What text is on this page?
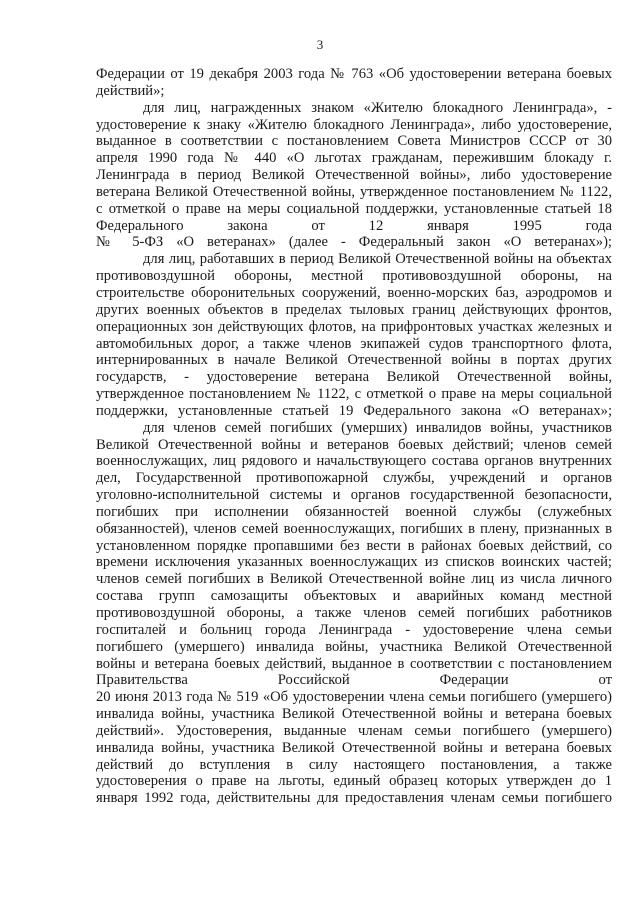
3
Федерации от 19 декабря 2003 года № 763 «Об удостоверении ветерана боевых
действий»;
для лиц, награжденных знаком «Жителю блокадного Ленинграда», -
удостоверение к знаку «Жителю блокадного Ленинграда», либо удостоверение,
выданное в соответствии с постановлением Совета Министров СССР от 30
апреля 1990 года № 440 «О льготах гражданам, пережившим блокаду г.
Ленинграда в период Великой Отечественной войны», либо удостоверение
ветерана Великой Отечественной войны, утвержденное постановлением № 1122,
с отметкой о праве на меры социальной поддержки, установленные статьей 18
Федерального закона от 12 января 1995 года
№ 5-ФЗ «О ветеранах» (далее - Федеральный закон «О ветеранах»);
для лиц, работавших в период Великой Отечественной войны на объектах
противовоздушной обороны, местной противовоздушной обороны, на
строительстве оборонительных сооружений, военно-морских баз, аэродромов и
других военных объектов в пределах тыловых границ действующих фронтов,
операционных зон действующих флотов, на прифронтовых участках железных и
автомобильных дорог, а также членов экипажей судов транспортного флота,
интернированных в начале Великой Отечественной войны в портах других
государств, - удостоверение ветерана Великой Отечественной войны,
утвержденное постановлением № 1122, с отметкой о праве на меры социальной
поддержки, установленные статьей 19 Федерального закона «О ветеранах»;
для членов семей погибших (умерших) инвалидов войны, участников
Великой Отечественной войны и ветеранов боевых действий; членов семей
военнослужащих, лиц рядового и начальствующего состава органов внутренних
дел, Государственной противопожарной службы, учреждений и органов
уголовно-исполнительной системы и органов государственной безопасности,
погибших при исполнении обязанностей военной службы (служебных
обязанностей), членов семей военнослужащих, погибших в плену, признанных в
установленном порядке пропавшими без вести в районах боевых действий, со
времени исключения указанных военнослужащих из списков воинских частей;
членов семей погибших в Великой Отечественной войне лиц из числа личного
состава групп самозащиты объектовых и аварийных команд местной
противовоздушной обороны, а также членов семей погибших работников
госпиталей и больниц города Ленинграда - удостоверение члена семьи
погибшего (умершего) инвалида войны, участника Великой Отечественной
войны и ветерана боевых действий, выданное в соответствии с постановлением
Правительства Российской Федерации от
20 июня 2013 года № 519 «Об удостоверении члена семьи погибшего (умершего)
инвалида войны, участника Великой Отечественной войны и ветерана боевых
действий». Удостоверения, выданные членам семьи погибшего (умершего)
инвалида войны, участника Великой Отечественной войны и ветерана боевых
действий до вступления в силу настоящего постановления, а также
удостоверения о праве на льготы, единый образец которых утвержден до 1
января 1992 года, действительны для предоставления членам семьи погибшего
